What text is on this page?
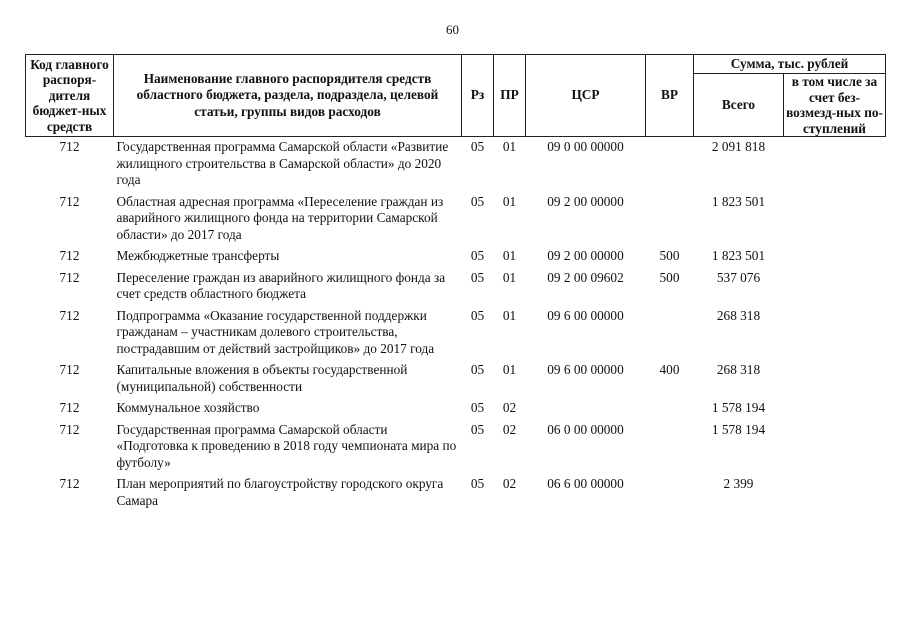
60
Код главного распоря-дителя бюджет-ных средств	Наименование главного распорядителя средств областного бюджета, раздела, подраздела, целевой статьи, группы видов расходов	Рз	ПР	ЦСР	ВР	Сумма, тыс. рублей	
						Всего	в том числе за счет без-возмезд-ных по-ступлений
712	Государственная программа Самарской области «Развитие жилищного строительства в Самарской области» до 2020 года	05	01	09 0 00 00000		2 091 818	
712	Областная адресная программа «Переселение граждан из аварийного жилищного фонда на территории Самарской области» до 2017 года	05	01	09 2 00 00000		1 823 501	
712	Межбюджетные трансферты	05	01	09 2 00 00000	500	1 823 501	
712	Переселение граждан из аварийного жилищного фонда за счет средств областного бюджета	05	01	09 2 00 09602	500	537 076	
712	Подпрограмма «Оказание государственной поддержки гражданам – участникам долевого строительства, пострадавшим от действий застройщиков» до 2017 года	05	01	09 6 00 00000		268 318	
712	Капитальные вложения в объекты государственной (муниципальной) собственности	05	01	09 6 00 00000	400	268 318	
712	Коммунальное хозяйство	05	02			1 578 194	
712	Государственная программа Самарской области «Подготовка к проведению в 2018 году чемпионата мира по футболу»	05	02	06 0 00 00000		1 578 194	
712	План мероприятий по благоустройству городского округа Самара	05	02	06 6 00 00000		2 399	
